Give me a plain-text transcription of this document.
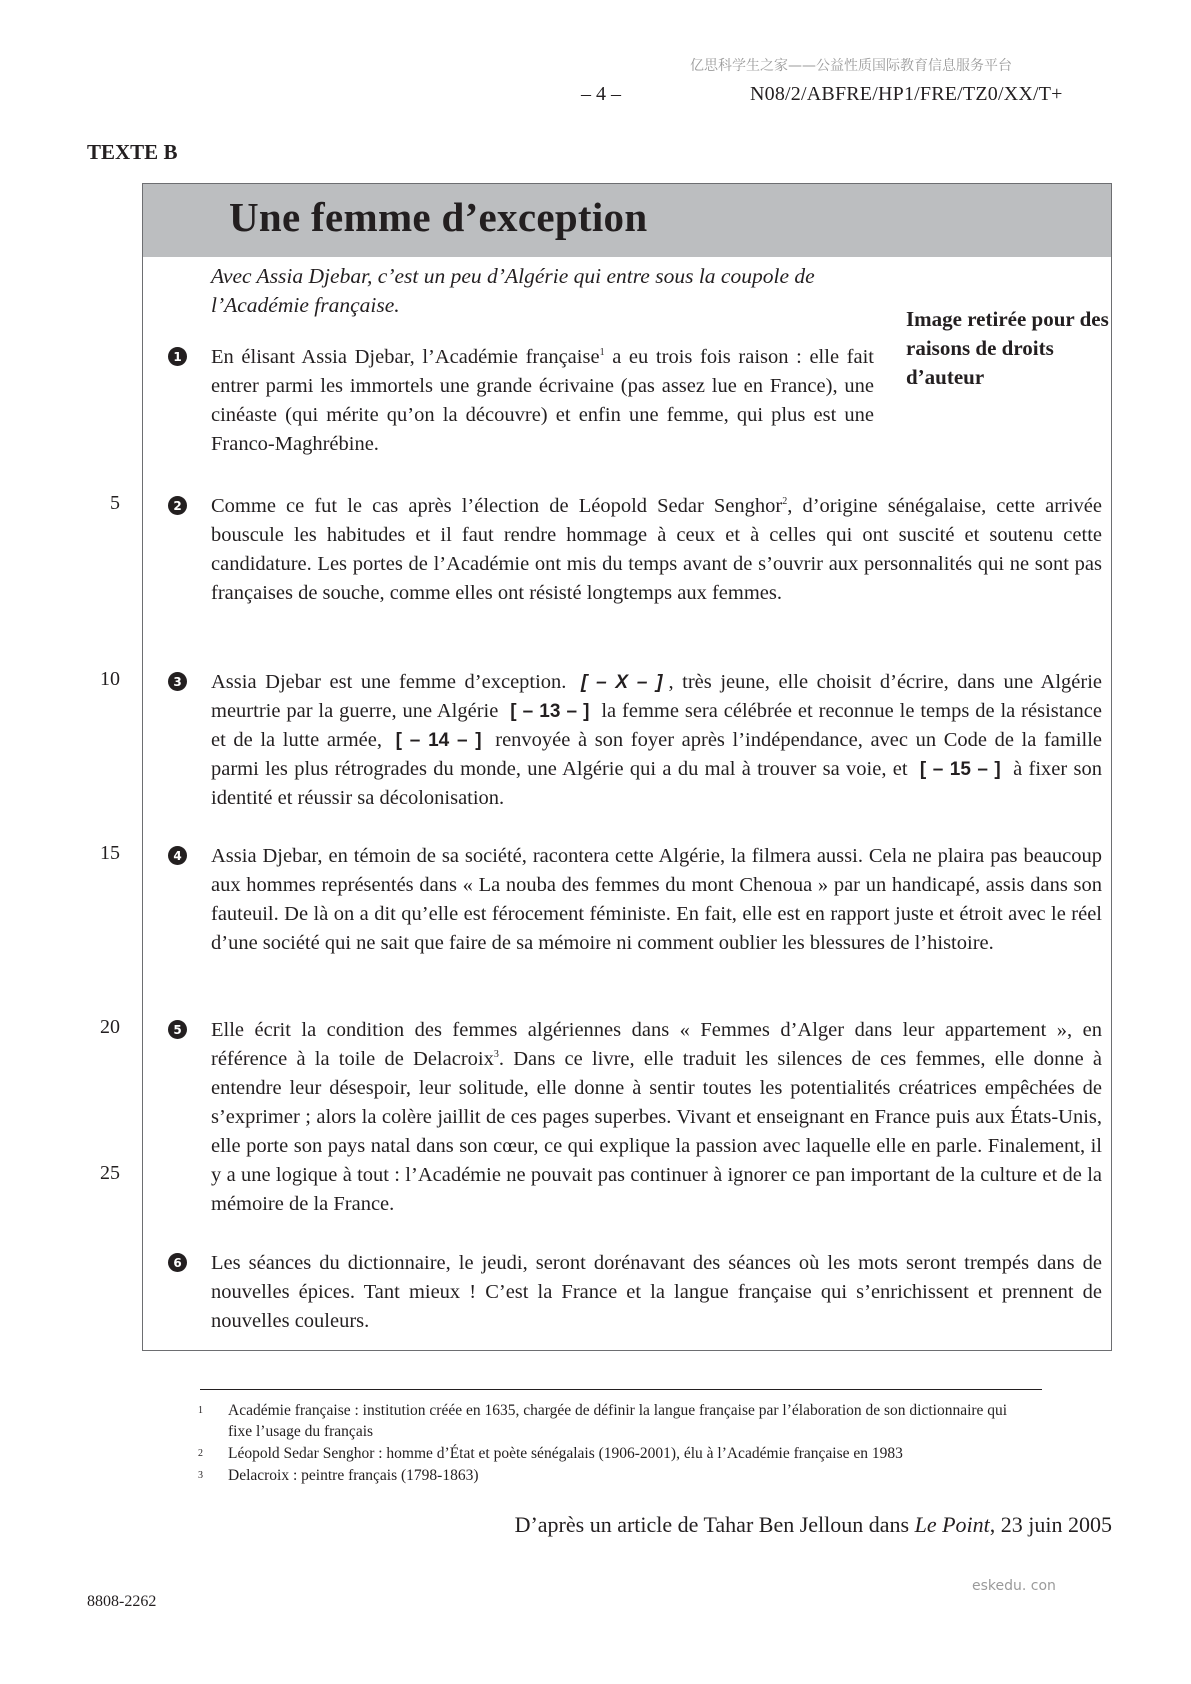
亿思科学生之家——公益性质国际教育信息服务平台
– 4 –	N08/2/ABFRE/HP1/FRE/TZ0/XX/T+
TEXTE B
Une femme d’exception
Avec Assia Djebar, c’est un peu d’Algérie qui entre sous la coupole de l’Académie française.
Image retirée pour des raisons de droits d’auteur
1 En élisant Assia Djebar, l’Académie française$^1$ a eu trois fois raison : elle fait entrer parmi les immortels une grande écrivaine (pas assez lue en France), une cinéaste (qui mérite qu’on la découvre) et enfin une femme, qui plus est une Franco-Maghrébine.
5	2 Comme ce fut le cas après l’élection de Léopold Sedar Senghor$^2$, d’origine sénégalaise, cette arrivée bouscule les habitudes et il faut rendre hommage à ceux et à celles qui ont suscité et soutenu cette candidature. Les portes de l’Académie ont mis du temps avant de s’ouvrir aux personnalités qui ne sont pas françaises de souche, comme elles ont résisté longtemps aux femmes.
10	3 Assia Djebar est une femme d’exception. [ – X – ] , très jeune, elle choisit d’écrire, dans une Algérie meurtrie par la guerre, une Algérie [ – 13 – ] la femme sera célébrée et reconnue le temps de la résistance et de la lutte armée, [ – 14 – ] renvoyée à son foyer après l’indépendance, avec un Code de la famille parmi les plus rétrogrades du monde, une Algérie qui a du mal à trouver sa voie, et [ – 15 – ] à fixer son identité et réussir sa décolonisation.
15	4 Assia Djebar, en témoin de sa société, racontera cette Algérie, la filmera aussi. Cela ne plaira pas beaucoup aux hommes représentés dans « La nouba des femmes du mont Chenoua » par un handicapé, assis dans son fauteuil. De là on a dit qu’elle est férocement féministe. En fait, elle est en rapport juste et étroit avec le réel d’une société qui ne sait que faire de sa mémoire ni comment oublier les blessures de l’histoire.
20	5 Elle écrit la condition des femmes algériennes dans « Femmes d’Alger dans leur appartement », en référence à la toile de Delacroix$^3$. Dans ce livre, elle traduit les silences de ces femmes, elle donne à entendre leur désespoir, leur solitude, elle donne à sentir toutes les potentialités créatrices empêchées de s’exprimer ; alors la colère jaillit de ces pages superbes. Vivant et enseignant en France puis aux États-Unis, elle porte son pays natal dans son cœur, ce qui explique la passion avec laquelle elle en parle. Finalement, il y a une logique à tout : l’Académie ne pouvait pas continuer à ignorer ce pan important de la culture et de la mémoire de la France.
25
6 Les séances du dictionnaire, le jeudi, seront dorénavant des séances où les mots seront trempés dans de nouvelles épices. Tant mieux ! C’est la France et la langue française qui s’enrichissent et prennent de nouvelles couleurs.
1 Académie française : institution créée en 1635, chargée de définir la langue française par l’élaboration de son dictionnaire qui fixe l’usage du français
2 Léopold Sedar Senghor : homme d’État et poète sénégalais (1906-2001), élu à l’Académie française en 1983
3 Delacroix : peintre français (1798-1863)
D’après un article de Tahar Ben Jelloun dans Le Point, 23 juin 2005
8808-2262
eskedu. con
